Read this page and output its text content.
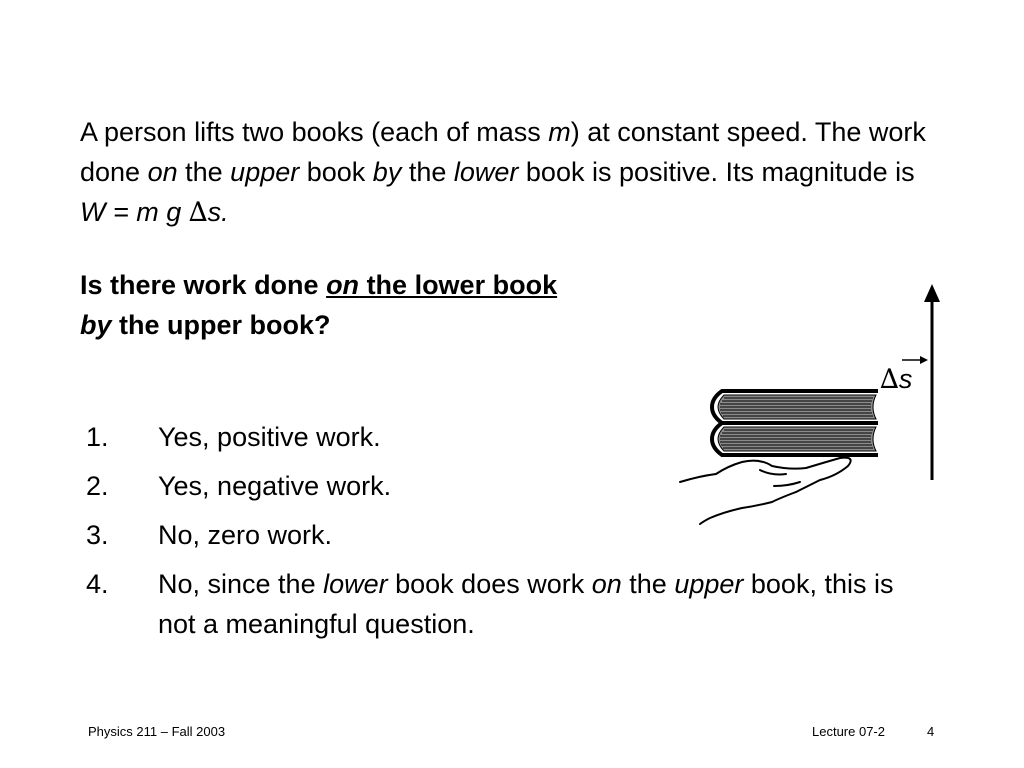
A person lifts two books (each of mass m) at constant speed. The work done on the upper book by the lower book is positive. Its magnitude is W = m g ∆s.

Is there work done on the lower book
by the upper book?

1.	Yes, positive work.
2.	Yes, negative work.
3.	No, zero work.
4.	No, since the lower book does work on the upper book, this is not a meaningful question.
∆s
Physics 211 – Fall 2003	Lecture 07-2	4
